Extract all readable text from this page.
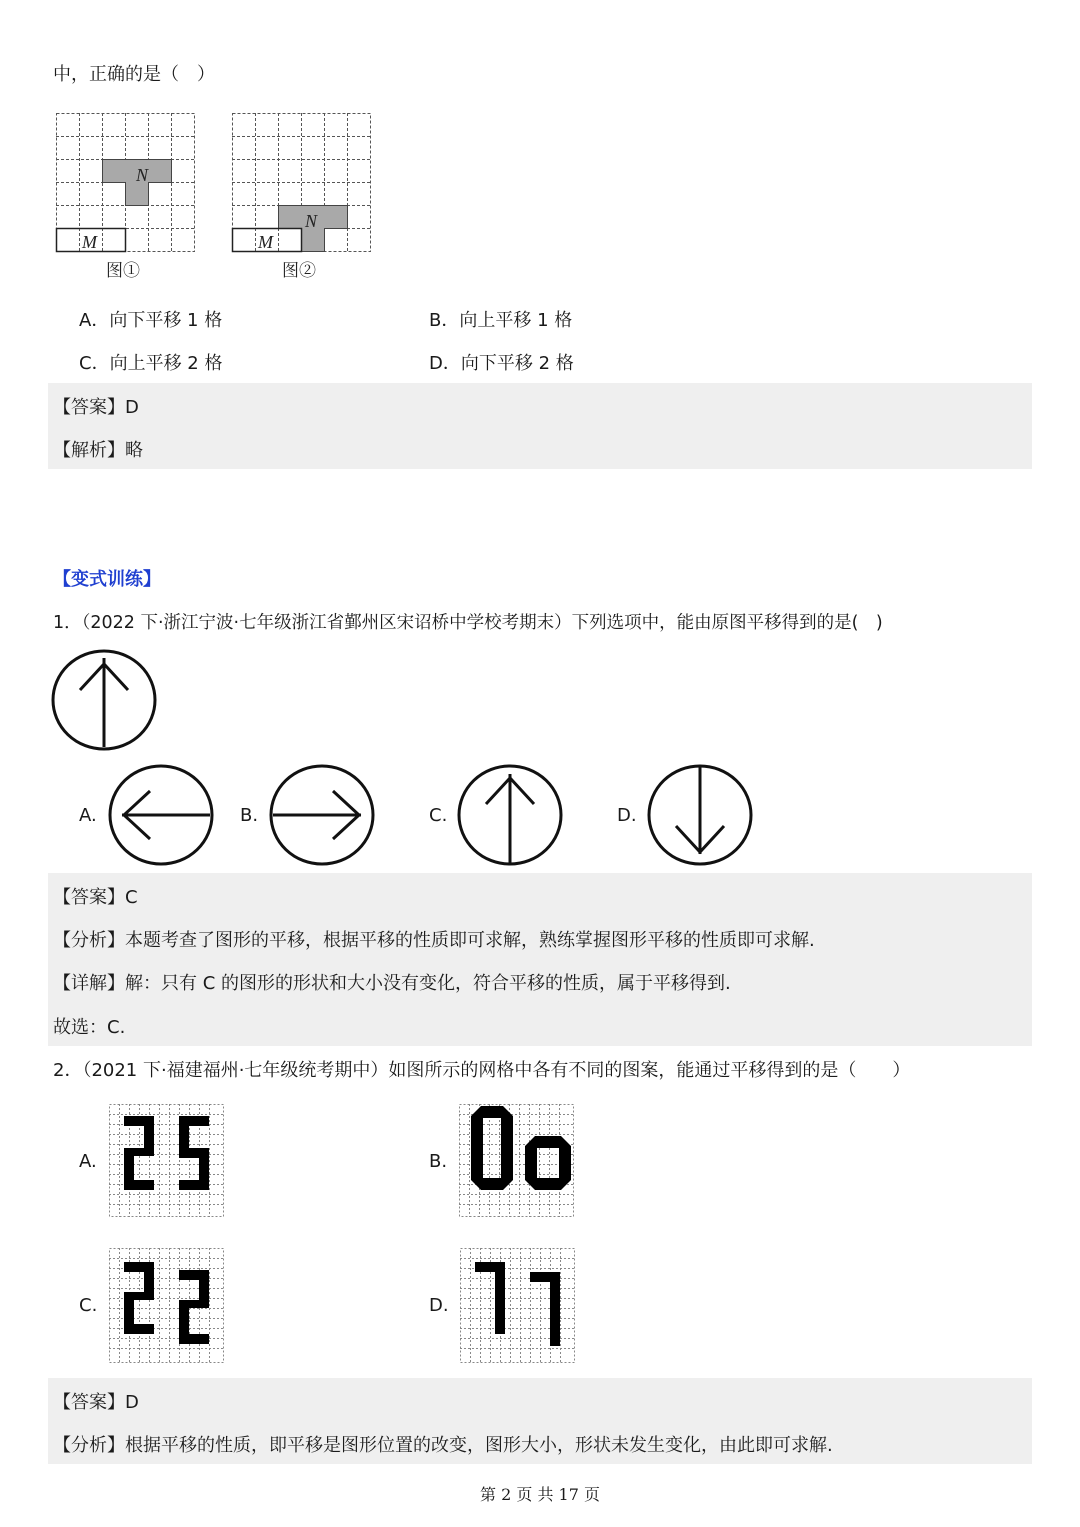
中，正确的是（　）
N
M
图①
N
M
图②
A．向下平移 1 格	B．向上平移 1 格
C．向上平移 2 格	D．向下平移 2 格
【答案】D
【解析】略
【变式训练】
1．（2022 下·浙江宁波·七年级浙江省鄞州区宋诏桥中学校考期末）下列选项中，能由原图平移得到的是(　)
A.	B.	C.	D.
【答案】C
【分析】本题考查了图形的平移，根据平移的性质即可求解，熟练掌握图形平移的性质即可求解.
【详解】解：只有 C 的图形的形状和大小没有变化，符合平移的性质，属于平移得到.
故选：C.
2．（2021 下·福建福州·七年级统考期中）如图所示的网格中各有不同的图案，能通过平移得到的是（　　）
A.	B.
C.	D.
【答案】D
【分析】根据平移的性质，即平移是图形位置的改变，图形大小，形状未发生变化，由此即可求解.
第 2 页 共 17 页
